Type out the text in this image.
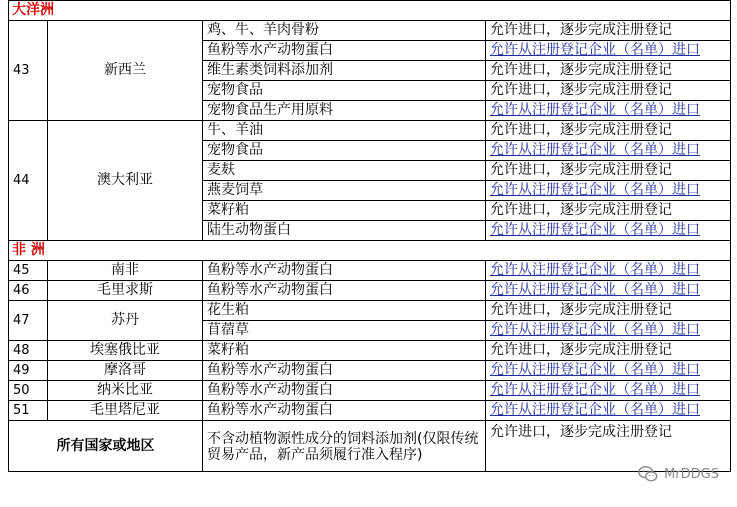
大洋洲			
43	新西兰	鸡、牛、羊肉骨粉	允许进口，逐步完成注册登记
		鱼粉等水产动物蛋白	允许从注册登记企业（名单）进口
		维生素类饲料添加剂	允许进口，逐步完成注册登记
		宠物食品	允许进口，逐步完成注册登记
		宠物食品生产用原料	允许从注册登记企业（名单）进口
44	澳大利亚	牛、羊油	允许进口，逐步完成注册登记
		宠物食品	允许从注册登记企业（名单）进口
		麦麸	允许进口，逐步完成注册登记
		燕麦饲草	允许从注册登记企业（名单）进口
		菜籽粕	允许进口，逐步完成注册登记
		陆生动物蛋白	允许从注册登记企业（名单）进口
非 洲			
45	南非	鱼粉等水产动物蛋白	允许从注册登记企业（名单）进口
46	毛里求斯	鱼粉等水产动物蛋白	允许从注册登记企业（名单）进口
47	苏丹	花生粕	允许进口，逐步完成注册登记
		苜蓿草	允许从注册登记企业（名单）进口
48	埃塞俄比亚	菜籽粕	允许进口，逐步完成注册登记
49	摩洛哥	鱼粉等水产动物蛋白	允许从注册登记企业（名单）进口
50	纳米比亚	鱼粉等水产动物蛋白	允许从注册登记企业（名单）进口
51	毛里塔尼亚	鱼粉等水产动物蛋白	允许从注册登记企业（名单）进口
所有国家或地区		不含动植物源性成分的饲料添加剂(仅限传统贸易产品，新产品须履行准入程序)	允许进口，逐步完成注册登记
MrDDGS
